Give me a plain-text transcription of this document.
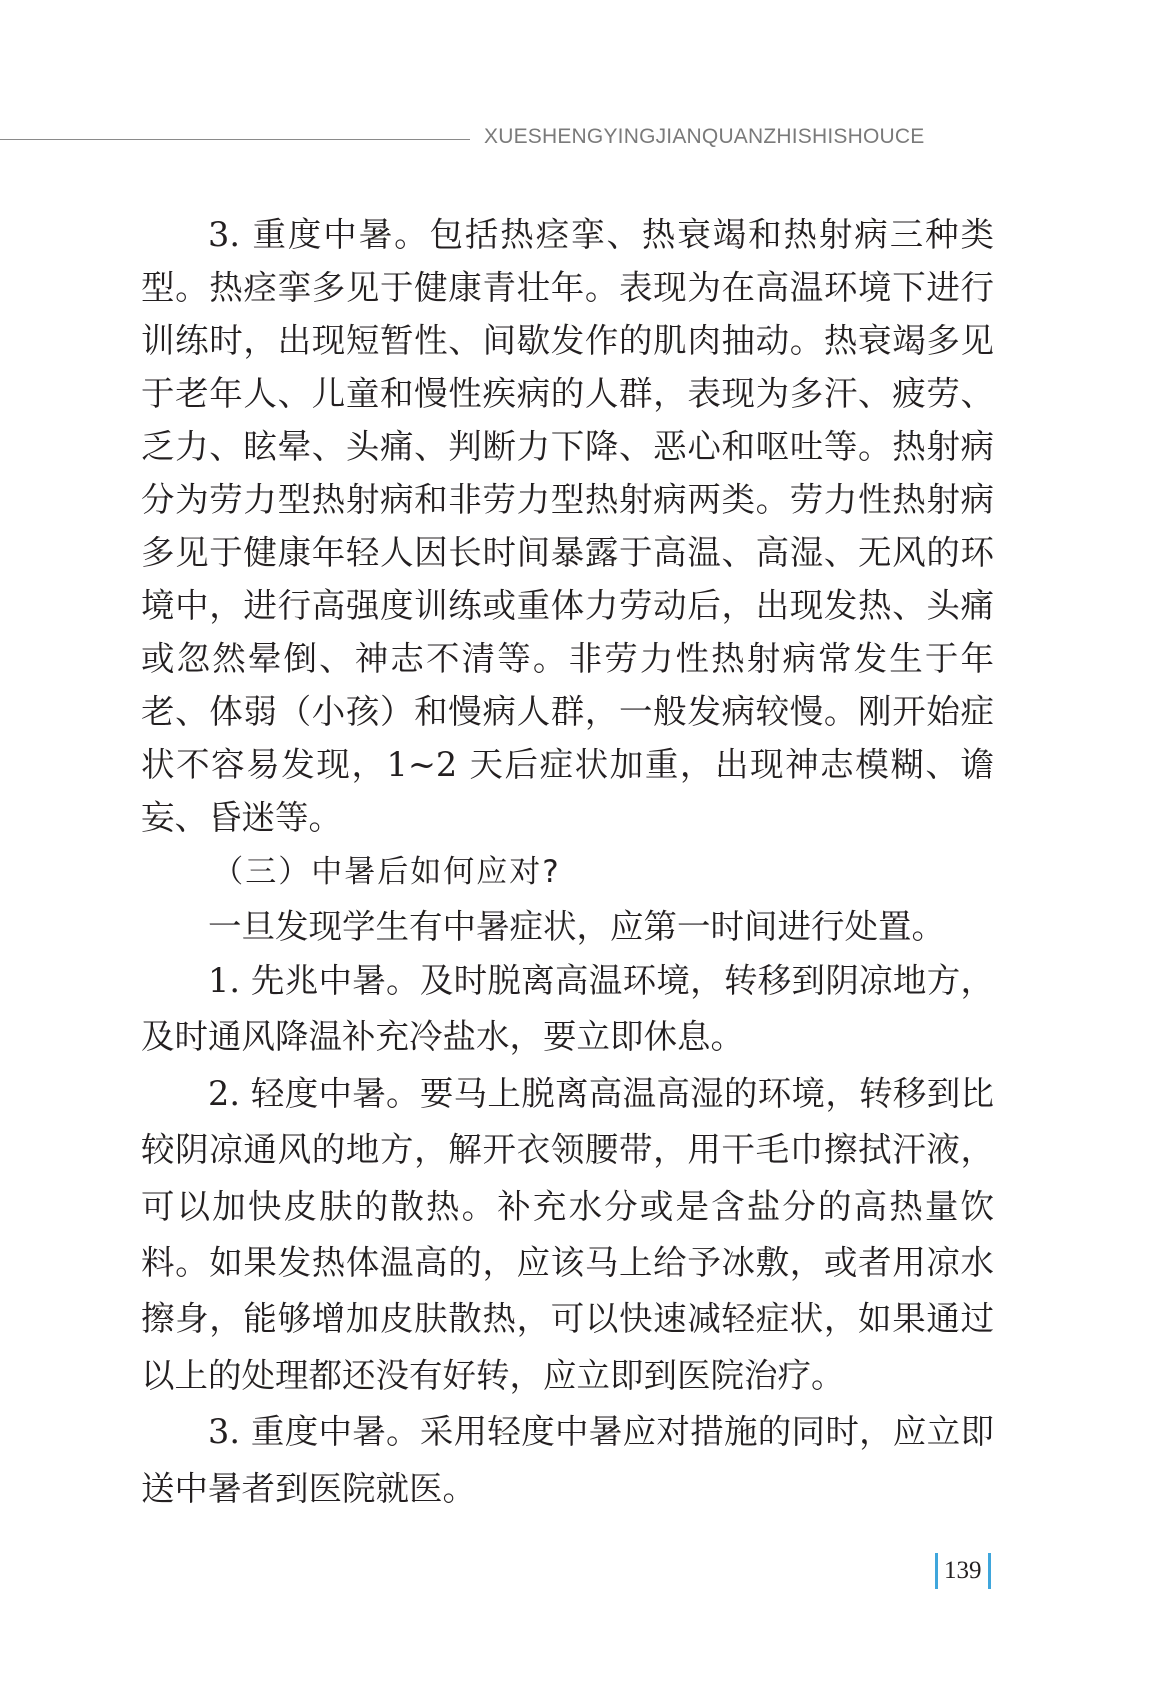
XUESHENGYINGJIANQUANZHISHISHOUCE

3. 重度中暑。包括热痉挛、热衰竭和热射病三种类型。热痉挛多见于健康青壮年。表现为在高温环境下进行训练时，出现短暂性、间歇发作的肌肉抽动。热衰竭多见于老年人、儿童和慢性疾病的人群，表现为多汗、疲劳、乏力、眩晕、头痛、判断力下降、恶心和呕吐等。热射病分为劳力型热射病和非劳力型热射病两类。劳力性热射病多见于健康年轻人因长时间暴露于高温、高湿、无风的环境中，进行高强度训练或重体力劳动后，出现发热、头痛或忽然晕倒、神志不清等。非劳力性热射病常发生于年老、体弱（小孩）和慢病人群，一般发病较慢。刚开始症状不容易发现，1~2 天后症状加重，出现神志模糊、谵妄、昏迷等。

（三）中暑后如何应对?

一旦发现学生有中暑症状，应第一时间进行处置。

1. 先兆中暑。及时脱离高温环境，转移到阴凉地方，及时通风降温补充冷盐水，要立即休息。

2. 轻度中暑。要马上脱离高温高湿的环境，转移到比较阴凉通风的地方，解开衣领腰带，用干毛巾擦拭汗液，可以加快皮肤的散热。补充水分或是含盐分的高热量饮料。如果发热体温高的，应该马上给予冰敷，或者用凉水擦身，能够增加皮肤散热，可以快速减轻症状，如果通过以上的处理都还没有好转，应立即到医院治疗。

3. 重度中暑。采用轻度中暑应对措施的同时，应立即送中暑者到医院就医。

139
